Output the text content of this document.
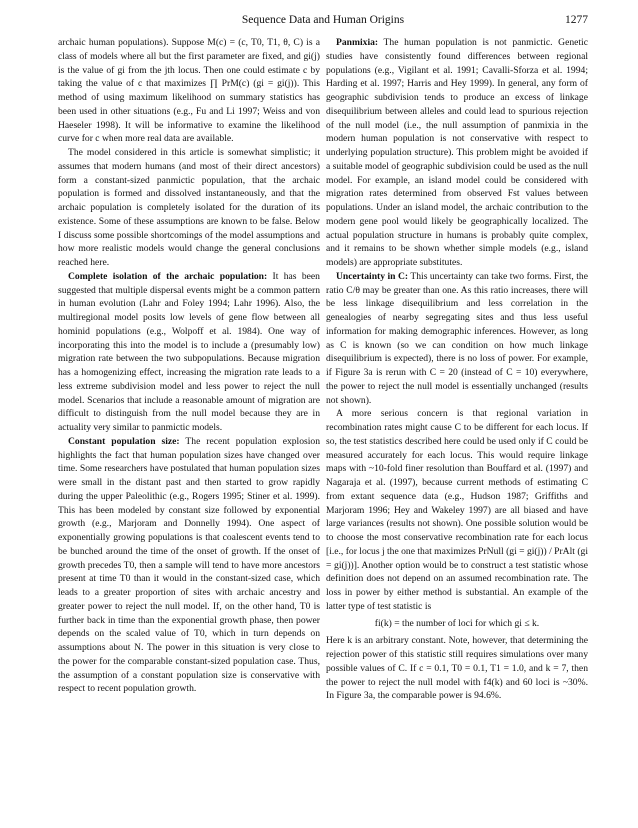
Sequence Data and Human Origins	1277

archaic human populations). Suppose M(c) = (c, T0, T1, θ, C) is a class of models where all but the first parameter are fixed, and gi(j) is the value of gi from the jth locus. Then one could estimate c by taking the value of c that maximizes ∏ PrM(c) (gi = gi(j)). This method of using maximum likelihood on summary statistics has been used in other situations (e.g., Fu and Li 1997; Weiss and von Haeseler 1998). It will be informative to examine the likelihood curve for c when more real data are available.

The model considered in this article is somewhat simplistic; it assumes that modern humans (and most of their direct ancestors) form a constant-sized panmictic population, that the archaic population is formed and dissolved instantaneously, and that the archaic population is completely isolated for the duration of its existence. Some of these assumptions are known to be false. Below I discuss some possible shortcomings of the model assumptions and how more realistic models would change the general conclusions reached here.

Complete isolation of the archaic population: It has been suggested that multiple dispersal events might be a common pattern in human evolution (Lahr and Foley 1994; Lahr 1996). Also, the multiregional model posits low levels of gene flow between all hominid populations (e.g., Wolpoff et al. 1984). One way of incorporating this into the model is to include a (presumably low) migration rate between the two subpopulations. Because migration has a homogenizing effect, increasing the migration rate leads to a less extreme subdivision model and less power to reject the null model. Scenarios that include a reasonable amount of migration are difficult to distinguish from the null model because they are in actuality very similar to panmictic models.

Constant population size: The recent population explosion highlights the fact that human population sizes have changed over time. Some researchers have postulated that human population sizes were small in the distant past and then started to grow rapidly during the upper Paleolithic (e.g., Rogers 1995; Stiner et al. 1999). This has been modeled by constant size followed by exponential growth (e.g., Marjoram and Donnelly 1994). One aspect of exponentially growing populations is that coalescent events tend to be bunched around the time of the onset of growth. If the onset of growth precedes T0, then a sample will tend to have more ancestors present at time T0 than it would in the constant-sized case, which leads to a greater proportion of sites with archaic ancestry and greater power to reject the null model. If, on the other hand, T0 is further back in time than the exponential growth phase, then power depends on the scaled value of T0, which in turn depends on assumptions about N. The power in this situation is very close to the power for the comparable constant-sized population case. Thus, the assumption of a constant population size is conservative with respect to recent population growth.

Panmixia: The human population is not panmictic. Genetic studies have consistently found differences between regional populations (e.g., Vigilant et al. 1991; Cavalli-Sforza et al. 1994; Harding et al. 1997; Harris and Hey 1999). In general, any form of geographic subdivision tends to produce an excess of linkage disequilibrium between alleles and could lead to spurious rejection of the null model (i.e., the null assumption of panmixia in the modern human population is not conservative with respect to underlying population structure). This problem might be avoided if a suitable model of geographic subdivision could be used as the null model. For example, an island model could be considered with migration rates determined from observed Fst values between populations. Under an island model, the archaic contribution to the modern gene pool would likely be geographically localized. The actual population structure in humans is probably quite complex, and it remains to be shown whether simple models (e.g., island models) are appropriate substitutes.

Uncertainty in C: This uncertainty can take two forms. First, the ratio C/θ may be greater than one. As this ratio increases, there will be less linkage disequilibrium and less correlation in the genealogies of nearby segregating sites and thus less useful information for making demographic inferences. However, as long as C is known (so we can condition on how much linkage disequilibrium is expected), there is no loss of power. For example, if Figure 3a is rerun with C = 20 (instead of C = 10) everywhere, the power to reject the null model is essentially unchanged (results not shown).

A more serious concern is that regional variation in recombination rates might cause C to be different for each locus. If so, the test statistics described here could be used only if C could be measured accurately for each locus. This would require linkage maps with ~10-fold finer resolution than Bouffard et al. (1997) and Nagaraja et al. (1997), because current methods of estimating C from extant sequence data (e.g., Hudson 1987; Griffiths and Marjoram 1996; Hey and Wakeley 1997) are all biased and have large variances (results not shown). One possible solution would be to choose the most conservative recombination rate for each locus [i.e., for locus j the one that maximizes PrNull (gi = gi(j)) / PrAlt (gi = gi(j))]. Another option would be to construct a test statistic whose definition does not depend on an assumed recombination rate. The loss in power by either method is substantial. An example of the latter type of test statistic is

fi(k) = the number of loci for which gi ≤ k.

Here k is an arbitrary constant. Note, however, that determining the rejection power of this statistic still requires simulations over many possible values of C. If c = 0.1, T0 = 0.1, T1 = 1.0, and k = 7, then the power to reject the null model with f4(k) and 60 loci is ~30%. In Figure 3a, the comparable power is 94.6%.
